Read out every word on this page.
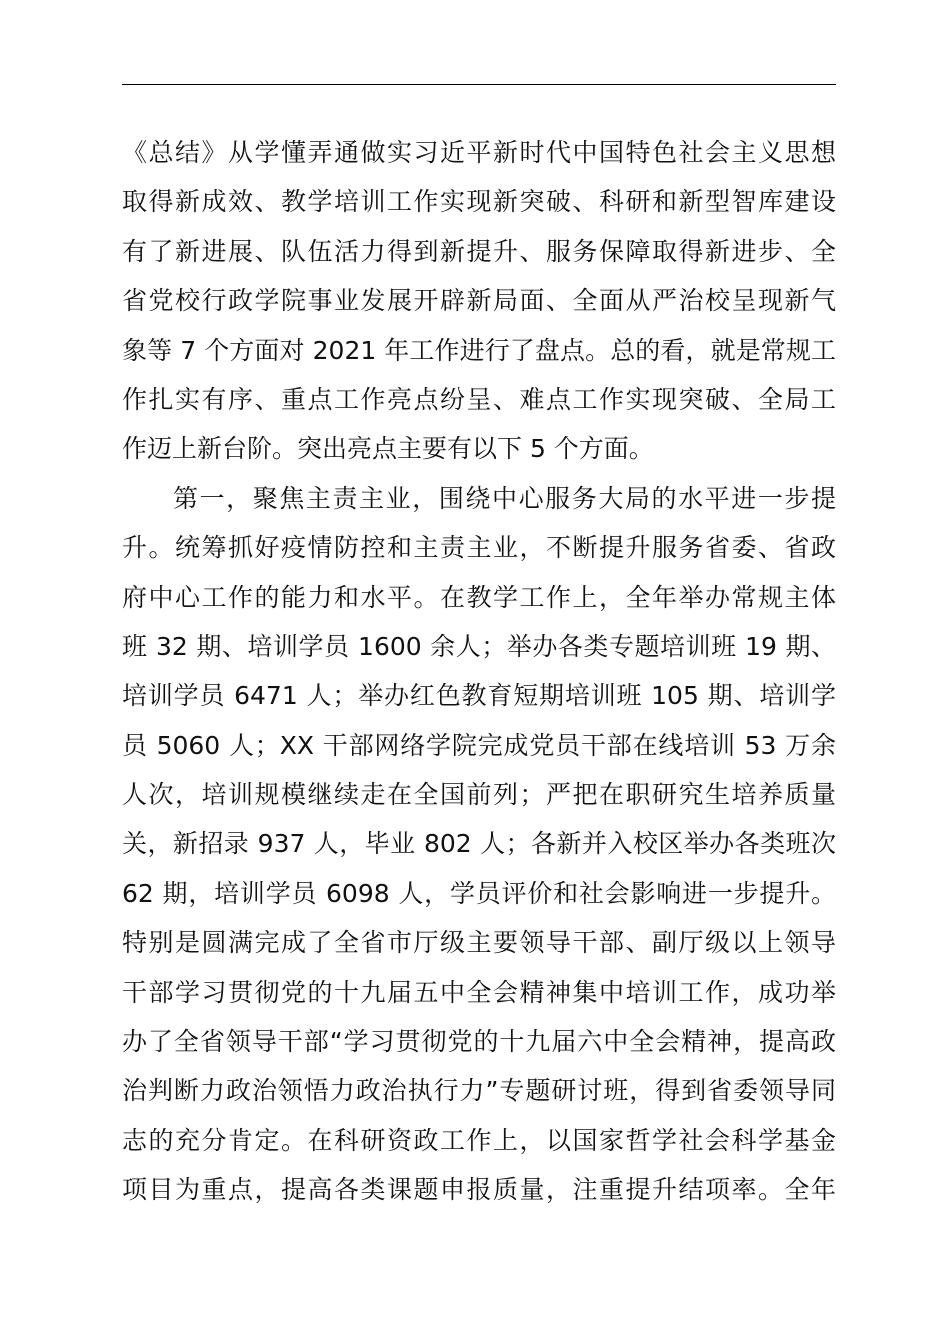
《总结》从学懂弄通做实习近平新时代中国特色社会主义思想
取得新成效、教学培训工作实现新突破、科研和新型智库建设
有了新进展、队伍活力得到新提升、服务保障取得新进步、全
省党校行政学院事业发展开辟新局面、全面从严治校呈现新气
象等 7 个方面对 2021 年工作进行了盘点。总的看，就是常规工
作扎实有序、重点工作亮点纷呈、难点工作实现突破、全局工
作迈上新台阶。突出亮点主要有以下 5 个方面。
第一，聚焦主责主业，围绕中心服务大局的水平进一步提
升。统筹抓好疫情防控和主责主业，不断提升服务省委、省政
府中心工作的能力和水平。在教学工作上，全年举办常规主体
班 32 期、培训学员 1600 余人；举办各类专题培训班 19 期、
培训学员 6471 人；举办红色教育短期培训班 105 期、培训学
员 5060 人；XX 干部网络学院完成党员干部在线培训 53 万余
人次，培训规模继续走在全国前列；严把在职研究生培养质量
关，新招录 937 人，毕业 802 人；各新并入校区举办各类班次
62 期，培训学员 6098 人，学员评价和社会影响进一步提升。
特别是圆满完成了全省市厅级主要领导干部、副厅级以上领导
干部学习贯彻党的十九届五中全会精神集中培训工作，成功举
办了全省领导干部“学习贯彻党的十九届六中全会精神，提高政
治判断力政治领悟力政治执行力”专题研讨班，得到省委领导同
志的充分肯定。在科研资政工作上，以国家哲学社会科学基金
项目为重点，提高各类课题申报质量，注重提升结项率。全年
